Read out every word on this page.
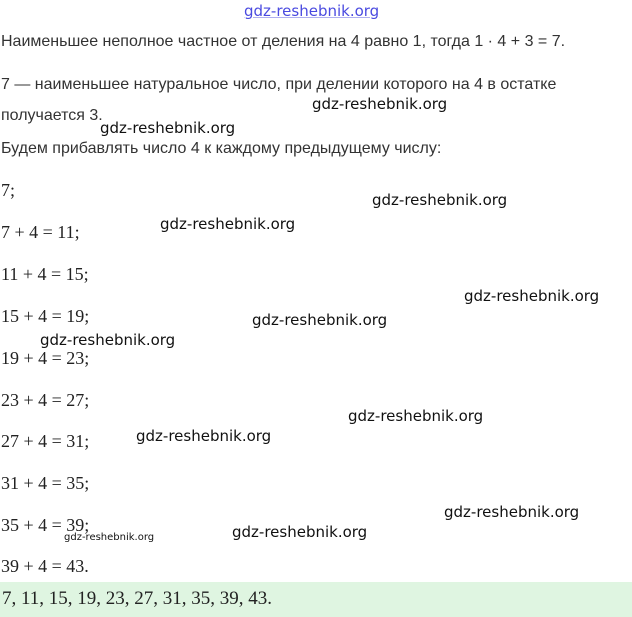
gdz-reshebnik.org
Наименьшее неполное частное от деления на 4 равно 1, тогда 1 · 4 + 3 = 7.
7 — наименьшее натуральное число, при делении которого на 4 в остатке
получается 3.
Будем прибавлять число 4 к каждому предыдущему числу:
7;
7 + 4 = 11;
11 + 4 = 15;
15 + 4 = 19;
19 + 4 = 23;
23 + 4 = 27;
27 + 4 = 31;
31 + 4 = 35;
35 + 4 = 39;
39 + 4 = 43.
7, 11, 15, 19, 23, 27, 31, 35, 39, 43.
gdz-reshebnik.org
gdz-reshebnik.org
gdz-reshebnik.org
gdz-reshebnik.org
gdz-reshebnik.org
gdz-reshebnik.org
gdz-reshebnik.org
gdz-reshebnik.org
gdz-reshebnik.org
gdz-reshebnik.org
gdz-reshebnik.org
gdz-reshebnik.org
